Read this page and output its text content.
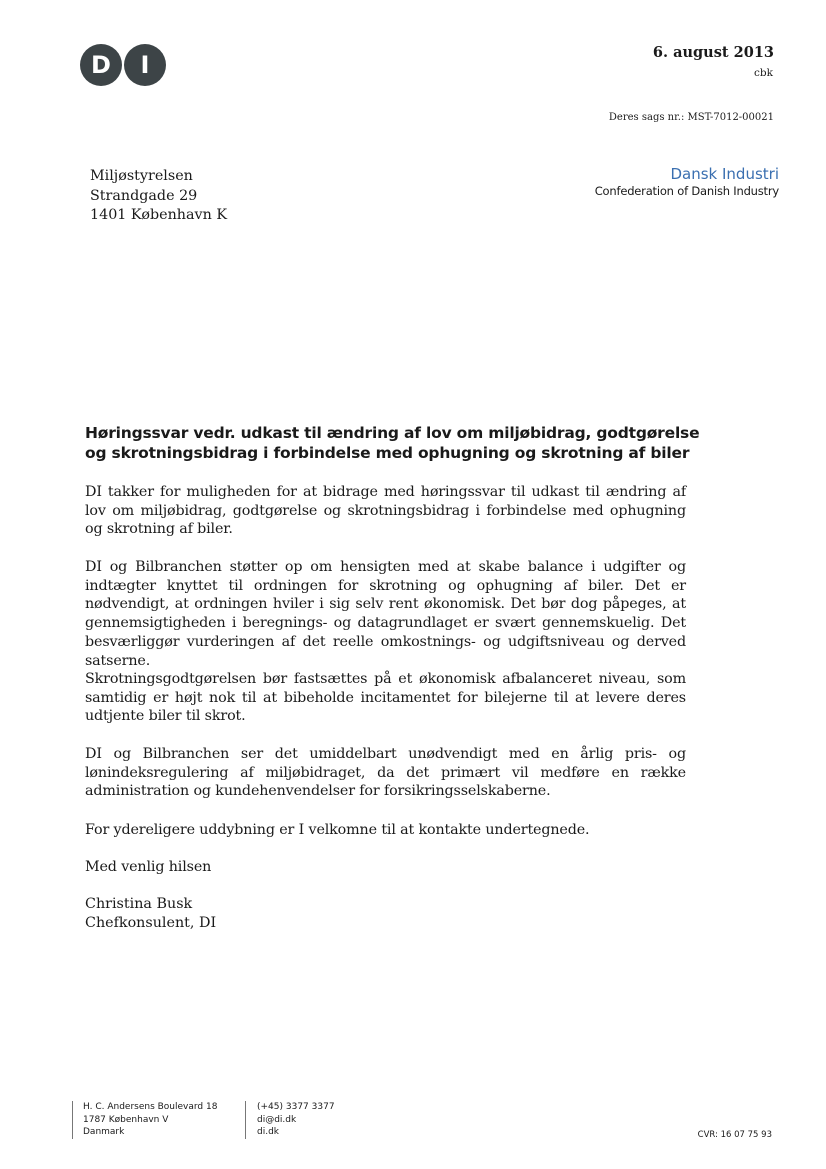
D	I	6. august 2013
cbk
Deres sags nr.: MST-7012-00021
Dansk Industri
Confederation of Danish Industry
Miljøstyrelsen
Strandgade 29
1401 København K
Høringssvar vedr. udkast til ændring af lov om miljøbidrag, godtgørelse og skrotningsbidrag i forbindelse med ophugning og skrotning af biler
DI takker for muligheden for at bidrage med høringssvar til udkast til ændring af lov om miljøbidrag, godtgørelse og skrotningsbidrag i forbindelse med ophugning og skrotning af biler.
DI og Bilbranchen støtter op om hensigten med at skabe balance i udgifter og indtægter knyttet til ordningen for skrotning og ophugning af biler. Det er nødvendigt, at ordningen hviler i sig selv rent økonomisk. Det bør dog påpeges, at gennemsigtigheden i beregnings- og datagrundlaget er svært gennemskuelig. Det besværliggør vurderingen af det reelle omkostnings- og udgiftsniveau og derved satserne.
Skrotningsgodtgørelsen bør fastsættes på et økonomisk afbalanceret niveau, som samtidig er højt nok til at bibeholde incitamentet for bilejerne til at levere deres udtjente biler til skrot.
DI og Bilbranchen ser det umiddelbart unødvendigt med en årlig pris- og lønindeksregulering af miljøbidraget, da det primært vil medføre en række administration og kundehenvendelser for forsikringsselskaberne.
For ydereligere uddybning er I velkomne til at kontakte undertegnede.
Med venlig hilsen
Christina Busk
Chefkonsulent, DI
H. C. Andersens Boulevard 18
1787 København V
Danmark
(+45) 3377 3377
di@di.dk
di.dk	CVR: 16 07 75 93
